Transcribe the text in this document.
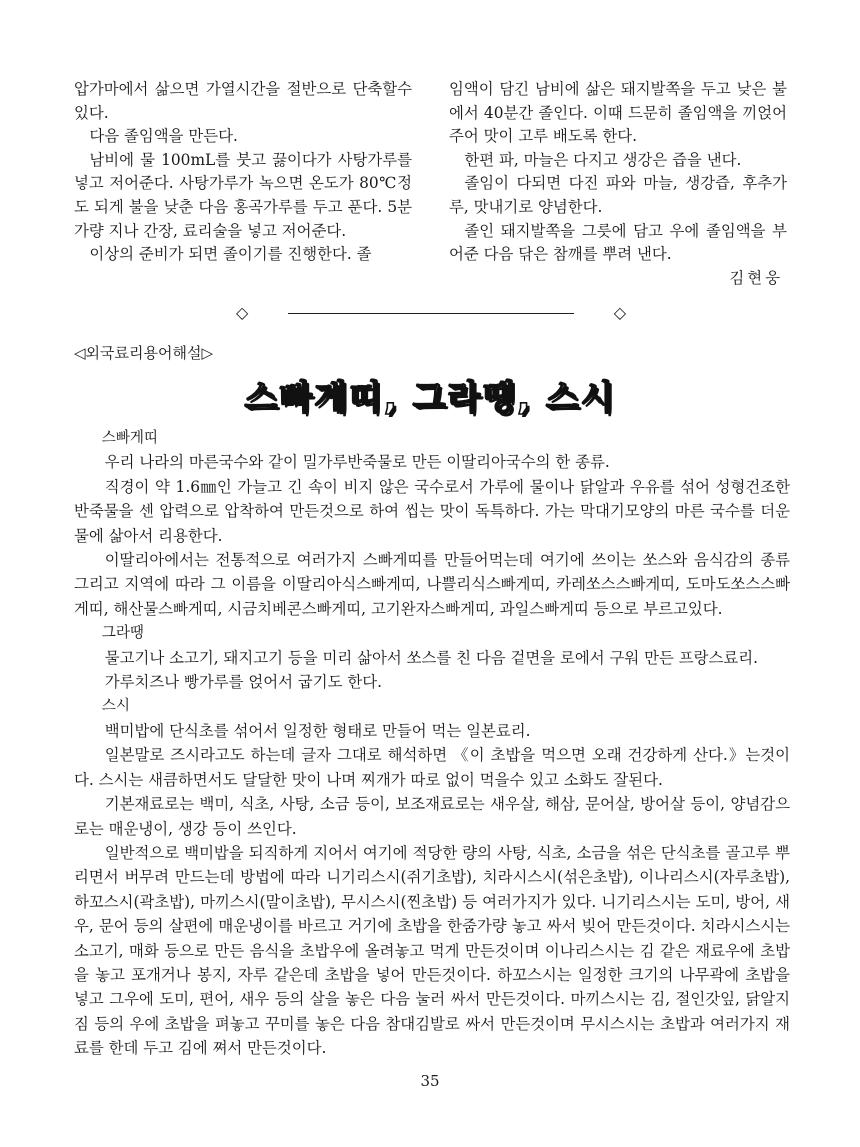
압가마에서 삶으면 가열시간을 절반으로 단축할수 있다.

다음 졸임액을 만든다.

남비에 물 100mL를 붓고 끓이다가 사탕가루를 넣고 저어준다. 사탕가루가 녹으면 온도가 80℃정도 되게 불을 낮춘 다음 홍곡가루를 두고 푼다. 5분가량 지나 간장, 료리술을 넣고 저어준다.

이상의 준비가 되면 졸이기를 진행한다. 졸

임액이 담긴 남비에 삶은 돼지발쪽을 두고 낮은 불에서 40분간 졸인다. 이때 드문히 졸임액을 끼얹어주어 맛이 고루 배도록 한다.

한편 파, 마늘은 다지고 생강은 즙을 낸다.

졸임이 다되면 다진 파와 마늘, 생강즙, 후추가루, 맛내기로 양념한다.

졸인 돼지발쪽을 그릇에 담고 우에 졸임액을 부어준 다음 닦은 참깨를 뿌려 낸다.

김현웅

◇	◇
◁외국료리용어해설▷
스빠게띠, 그라땡, 스시

스빠게띠

우리 나라의 마른국수와 같이 밀가루반죽물로 만든 이딸리아국수의 한 종류.

직경이 약 1.6㎜인 가늘고 긴 속이 비지 않은 국수로서 가루에 물이나 닭알과 우유를 섞어 성형건조한 반죽물을 센 압력으로 압착하여 만든것으로 하여 씹는 맛이 독특하다. 가는 막대기모양의 마른 국수를 더운물에 삶아서 리용한다.

이딸리아에서는 전통적으로 여러가지 스빠게띠를 만들어먹는데 여기에 쓰이는 쏘스와 음식감의 종류 그리고 지역에 따라 그 이름을 이딸리아식스빠게띠, 나쁠리식스빠게띠, 카레쏘스스빠게띠, 도마도쏘스스빠게띠, 해산물스빠게띠, 시금치베콘스빠게띠, 고기완자스빠게띠, 과일스빠게띠 등으로 부르고있다.

그라땡

물고기나 소고기, 돼지고기 등을 미리 삶아서 쏘스를 친 다음 겉면을 로에서 구워 만든 프랑스료리.

가루치즈나 빵가루를 얹어서 굽기도 한다.

스시

백미밥에 단식초를 섞어서 일정한 형태로 만들어 먹는 일본료리.

일본말로 즈시라고도 하는데 글자 그대로 해석하면 《이 초밥을 먹으면 오래 건강하게 산다.》는것이다. 스시는 새큼하면서도 달달한 맛이 나며 찌개가 따로 없이 먹을수 있고 소화도 잘된다.

기본재료로는 백미, 식초, 사탕, 소금 등이, 보조재료로는 새우살, 해삼, 문어살, 방어살 등이, 양념감으로는 매운냉이, 생강 등이 쓰인다.

일반적으로 백미밥을 되직하게 지어서 여기에 적당한 량의 사탕, 식초, 소금을 섞은 단식초를 골고루 뿌리면서 버무려 만드는데 방법에 따라 니기리스시(쥐기초밥), 치라시스시(섞은초밥), 이나리스시(자루초밥), 하꼬스시(곽초밥), 마끼스시(말이초밥), 무시스시(찐초밥) 등 여러가지가 있다. 니기리스시는 도미, 방어, 새우, 문어 등의 살편에 매운냉이를 바르고 거기에 초밥을 한줌가량 놓고 싸서 빚어 만든것이다. 치라시스시는 소고기, 매화 등으로 만든 음식을 초밥우에 올려놓고 먹게 만든것이며 이나리스시는 김 같은 재료우에 초밥을 놓고 포개거나 봉지, 자루 같은데 초밥을 넣어 만든것이다. 하꼬스시는 일정한 크기의 나무곽에 초밥을 넣고 그우에 도미, 편어, 새우 등의 살을 놓은 다음 눌러 싸서 만든것이다. 마끼스시는 김, 절인갓잎, 닭알지짐 등의 우에 초밥을 펴놓고 꾸미를 놓은 다음 참대김발로 싸서 만든것이며 무시스시는 초밥과 여러가지 재료를 한데 두고 김에 쪄서 만든것이다.

35
